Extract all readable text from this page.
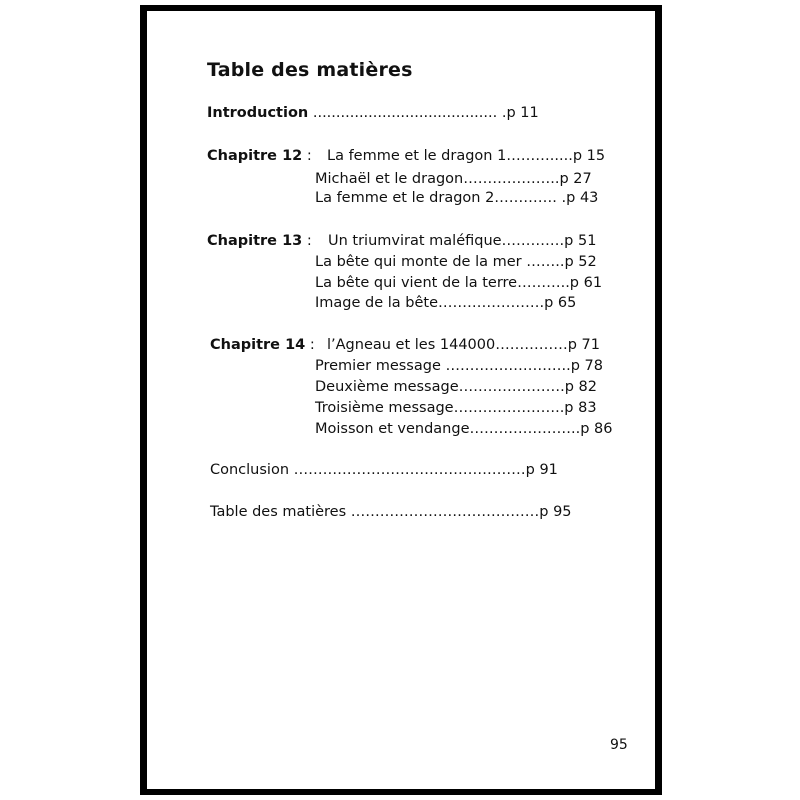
Table des matières
Introduction ........................................ .p 11
Chapitre 12 : La femme et le dragon 1……….....p 15
Michaël et le dragon………………..p 27
La femme et le dragon 2…………. .p 43
Chapitre 13 : Un triumvirat maléfique………….p 51
La bête qui monte de la mer ……..p 52
La bête qui vient de la terre………..p 61
Image de la bête………………….p 65
Chapitre 14 : l’Agneau et les 144000……………p 71
Premier message ……………………..p 78
Deuxième message………………….p 82
Troisième message…………………..p 83
Moisson et vendange…………………..p 86
Conclusion …………………………………………p 91
Table des matières …………………………………p 95
95
